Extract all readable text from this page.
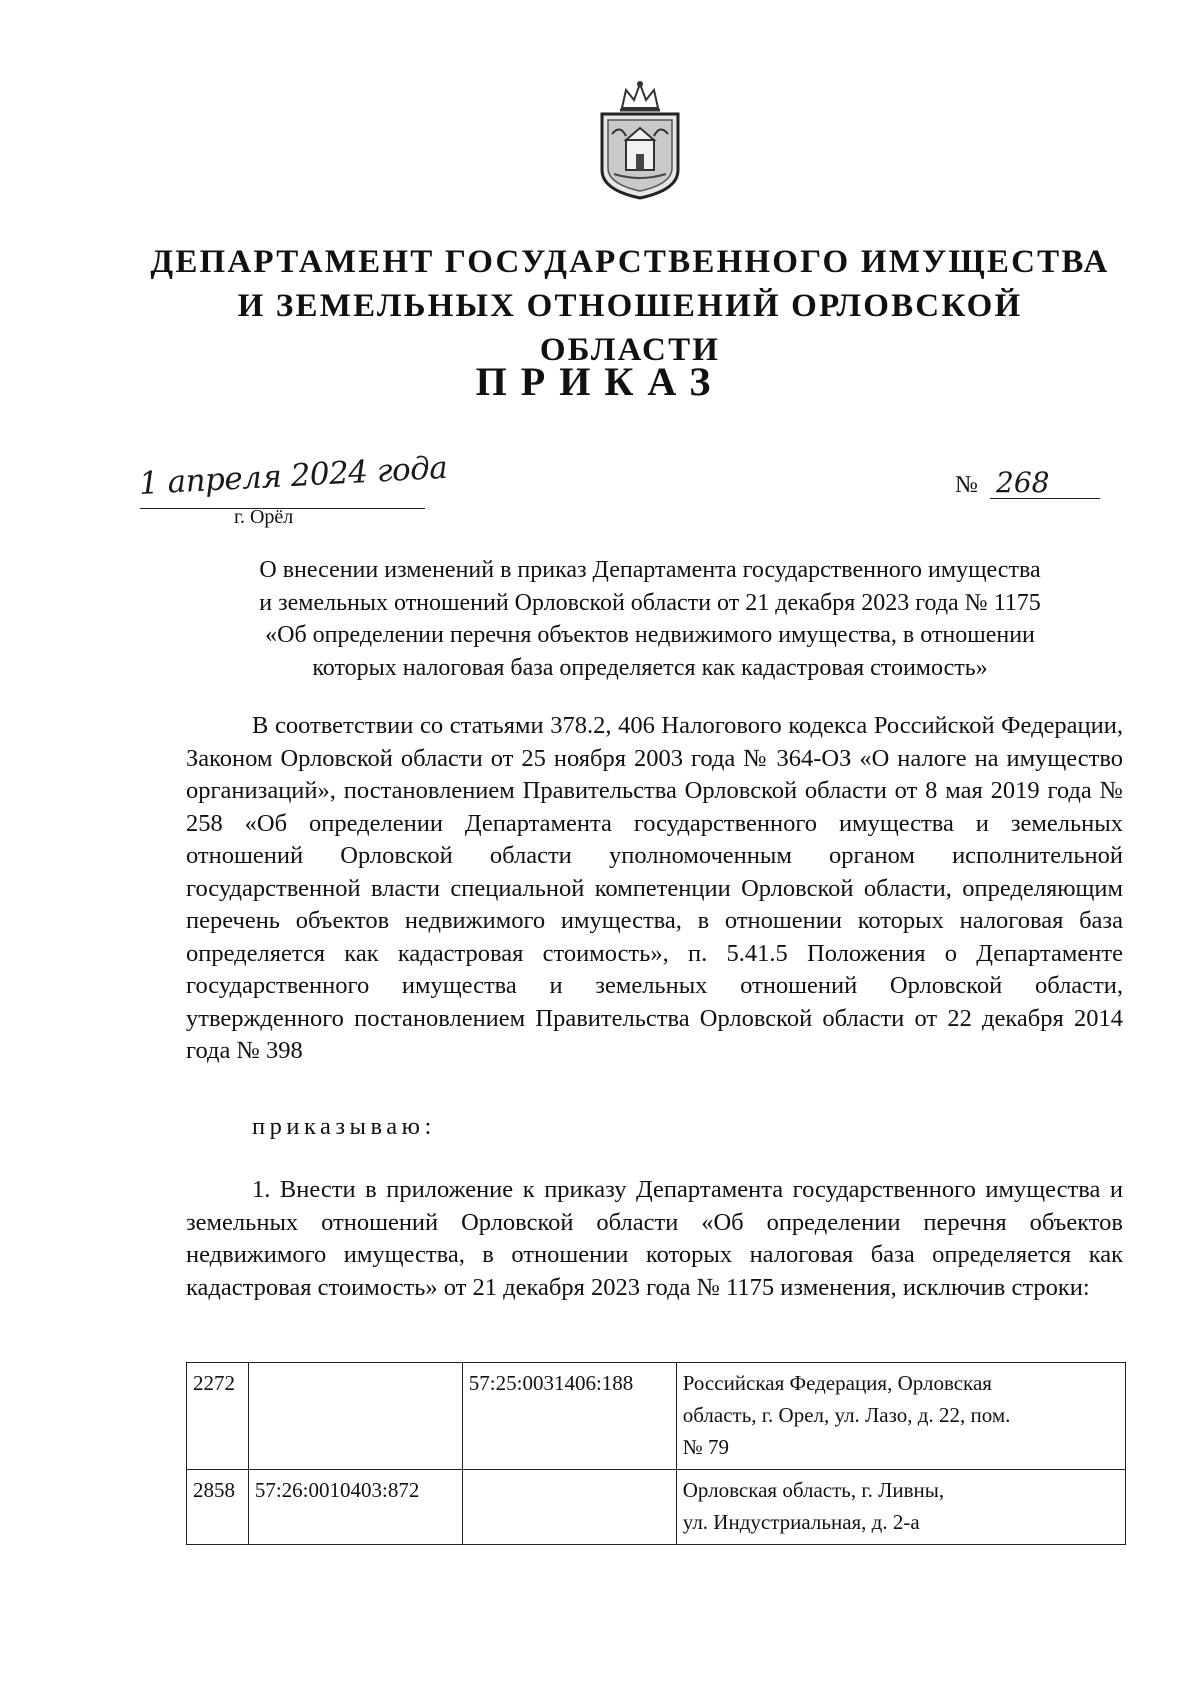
ДЕПАРТАМЕНТ ГОСУДАРСТВЕННОГО ИМУЩЕСТВА
И ЗЕМЕЛЬНЫХ ОТНОШЕНИЙ ОРЛОВСКОЙ ОБЛАСТИ
ПРИКАЗ
1 апреля 2024 года
г. Орёл
№ 268
О внесении изменений в приказ Департамента государственного имущества
и земельных отношений Орловской области от 21 декабря 2023 года № 1175
«Об определении перечня объектов недвижимого имущества, в отношении
которых налоговая база определяется как кадастровая стоимость»

В соответствии со статьями 378.2, 406 Налогового кодекса Российской Федерации, Законом Орловской области от 25 ноября 2003 года № 364-ОЗ «О налоге на имущество организаций», постановлением Правительства Орловской области от 8 мая 2019 года № 258 «Об определении Департамента государственного имущества и земельных отношений Орловской области уполномоченным органом исполнительной государственной власти специальной компетенции Орловской области, определяющим перечень объектов недвижимого имущества, в отношении которых налоговая база определяется как кадастровая стоимость», п. 5.41.5 Положения о Департаменте государственного имущества и земельных отношений Орловской области, утвержденного постановлением Правительства Орловской области от 22 декабря 2014 года № 398

приказываю:

1. Внести в приложение к приказу Департамента государственного имущества и земельных отношений Орловской области «Об определении перечня объектов недвижимого имущества, в отношении которых налоговая база определяется как кадастровая стоимость» от 21 декабря 2023 года № 1175 изменения, исключив строки:

2272		57:25:0031406:188	Российская Федерация, Орловская
область, г. Орел, ул. Лазо, д. 22, пом.
№ 79

2858	57:26:0010403:872		Орловская область, г. Ливны,
ул. Индустриальная, д. 2-а
